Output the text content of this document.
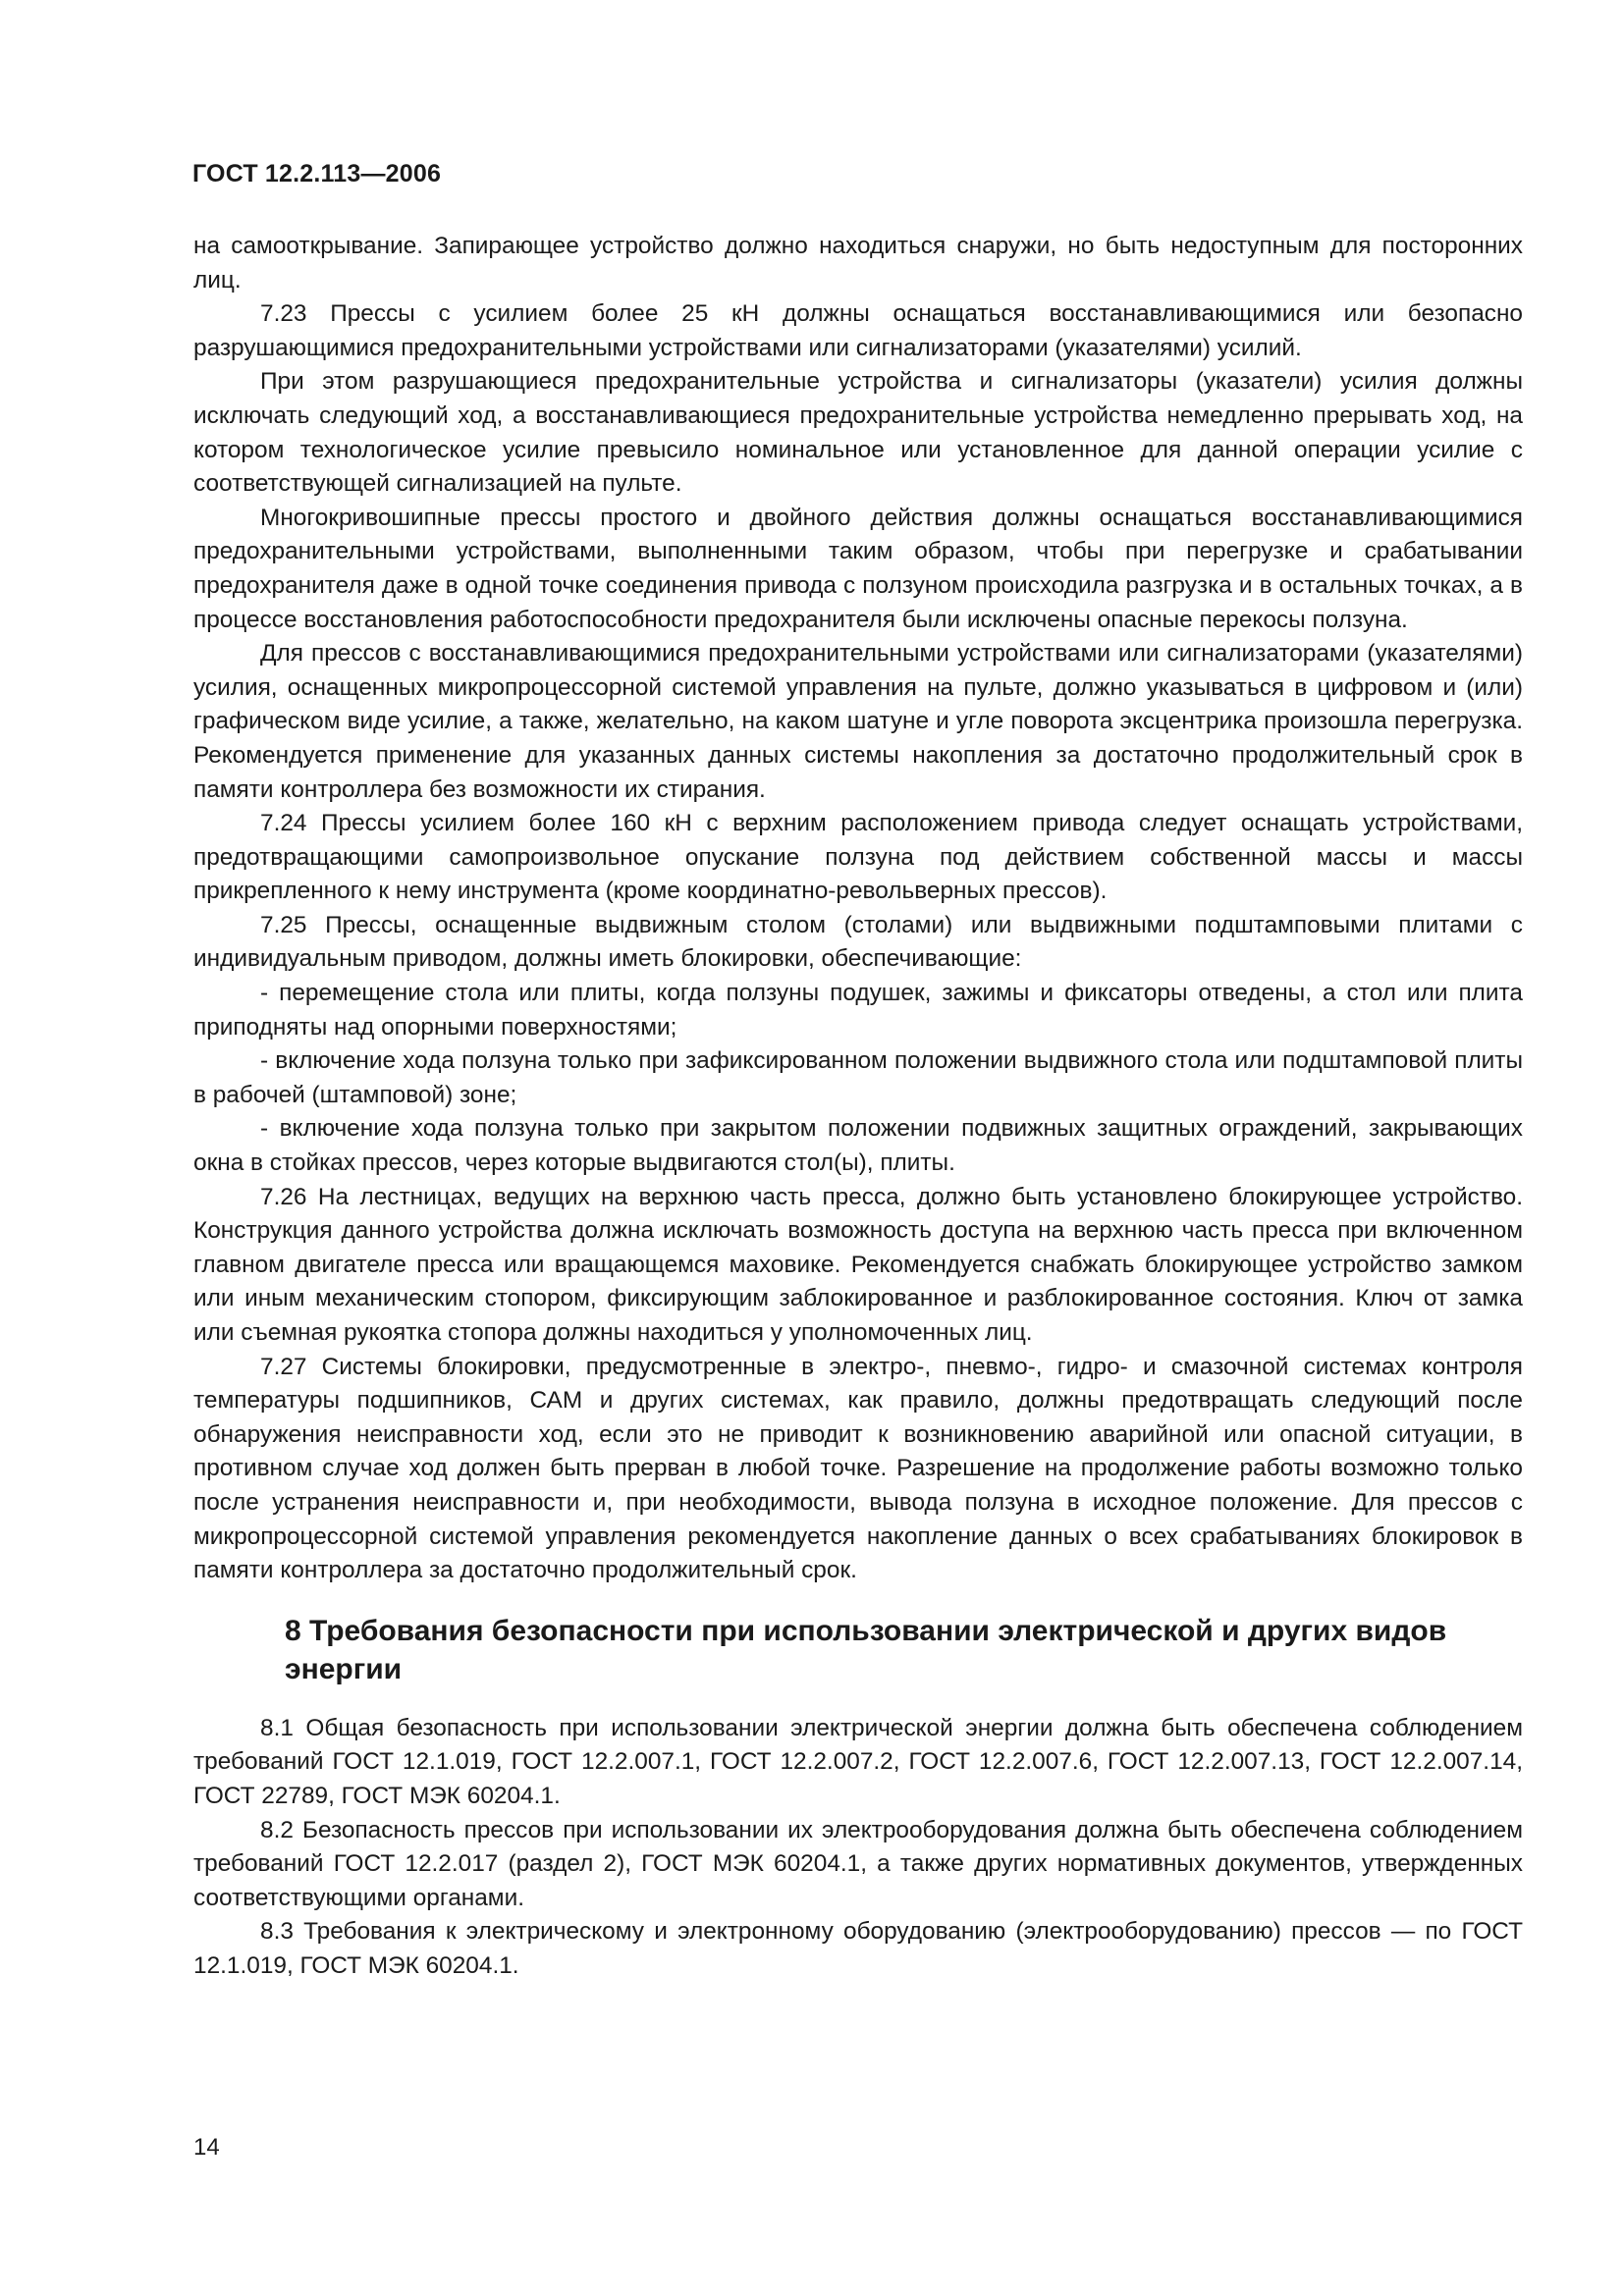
ГОСТ 12.2.113—2006

на самооткрывание. Запирающее устройство должно находиться снаружи, но быть недоступным для посторонних лиц.

7.23 Прессы с усилием более 25 кН должны оснащаться восстанавливающимися или безопасно разрушающимися предохранительными устройствами или сигнализаторами (указателями) усилий.

При этом разрушающиеся предохранительные устройства и сигнализаторы (указатели) усилия должны исключать следующий ход, а восстанавливающиеся предохранительные устройства немедленно прерывать ход, на котором технологическое усилие превысило номинальное или установленное для данной операции усилие с соответствующей сигнализацией на пульте.

Многокривошипные прессы простого и двойного действия должны оснащаться восстанавливающимися предохранительными устройствами, выполненными таким образом, чтобы при перегрузке и срабатывании предохранителя даже в одной точке соединения привода с ползуном происходила разгрузка и в остальных точках, а в процессе восстановления работоспособности предохранителя были исключены опасные перекосы ползуна.

Для прессов с восстанавливающимися предохранительными устройствами или сигнализаторами (указателями) усилия, оснащенных микропроцессорной системой управления на пульте, должно указываться в цифровом и (или) графическом виде усилие, а также, желательно, на каком шатуне и угле поворота эксцентрика произошла перегрузка. Рекомендуется применение для указанных данных системы накопления за достаточно продолжительный срок в памяти контроллера без возможности их стирания.

7.24 Прессы усилием более 160 кН с верхним расположением привода следует оснащать устройствами, предотвращающими самопроизвольное опускание ползуна под действием собственной массы и массы прикрепленного к нему инструмента (кроме координатно-револьверных прессов).

7.25 Прессы, оснащенные выдвижным столом (столами) или выдвижными подштамповыми плитами с индивидуальным приводом, должны иметь блокировки, обеспечивающие:

- перемещение стола или плиты, когда ползуны подушек, зажимы и фиксаторы отведены, а стол или плита приподняты над опорными поверхностями;

- включение хода ползуна только при зафиксированном положении выдвижного стола или подштамповой плиты в рабочей (штамповой) зоне;

- включение хода ползуна только при закрытом положении подвижных защитных ограждений, закрывающих окна в стойках прессов, через которые выдвигаются стол(ы), плиты.

7.26 На лестницах, ведущих на верхнюю часть пресса, должно быть установлено блокирующее устройство. Конструкция данного устройства должна исключать возможность доступа на верхнюю часть пресса при включенном главном двигателе пресса или вращающемся маховике. Рекомендуется снабжать блокирующее устройство замком или иным механическим стопором, фиксирующим заблокированное и разблокированное состояния. Ключ от замка или съемная рукоятка стопора должны находиться у уполномоченных лиц.

7.27 Системы блокировки, предусмотренные в электро-, пневмо-, гидро- и смазочной системах контроля температуры подшипников, САМ и других системах, как правило, должны предотвращать следующий после обнаружения неисправности ход, если это не приводит к возникновению аварийной или опасной ситуации, в противном случае ход должен быть прерван в любой точке. Разрешение на продолжение работы возможно только после устранения неисправности и, при необходимости, вывода ползуна в исходное положение. Для прессов с микропроцессорной системой управления рекомендуется накопление данных о всех срабатываниях блокировок в памяти контроллера за достаточно продолжительный срок.

8 Требования безопасности при использовании электрической и других видов энергии

8.1 Общая безопасность при использовании электрической энергии должна быть обеспечена соблюдением требований ГОСТ 12.1.019, ГОСТ 12.2.007.1, ГОСТ 12.2.007.2, ГОСТ 12.2.007.6, ГОСТ 12.2.007.13, ГОСТ 12.2.007.14, ГОСТ 22789, ГОСТ МЭК 60204.1.

8.2 Безопасность прессов при использовании их электрооборудования должна быть обеспечена соблюдением требований ГОСТ 12.2.017 (раздел 2), ГОСТ МЭК 60204.1, а также других нормативных документов, утвержденных соответствующими органами.

8.3 Требования к электрическому и электронному оборудованию (электрооборудованию) прессов — по ГОСТ 12.1.019, ГОСТ МЭК 60204.1.

14
